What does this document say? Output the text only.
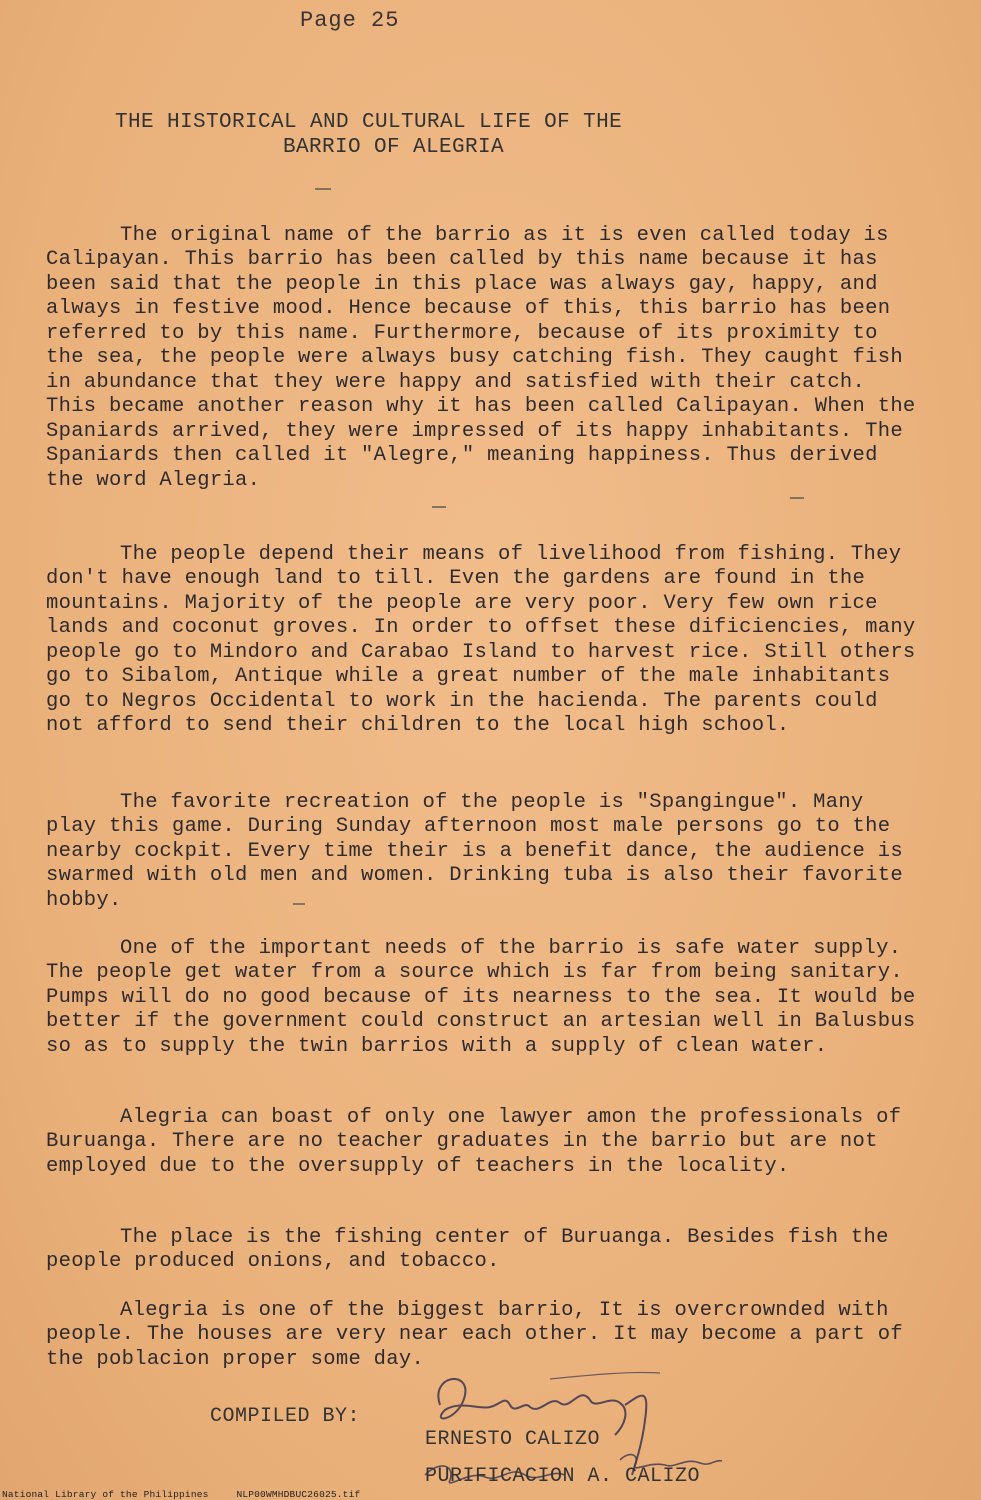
Page 25
THE HISTORICAL AND CULTURAL LIFE OF THE
BARRIO OF ALEGRIA

The original name of the barrio as it is even called today is Calipayan. This barrio has been called by this name because it has been said that the people in this place was always gay, happy, and always in festive mood. Hence because of this, this barrio has been referred to by this name. Furthermore, because of its proximity to the sea, the people were always busy catching fish. They caught fish in abundance that they were happy and satisfied with their catch. This became another reason why it has been called Calipayan. When the Spaniards arrived, they were impressed of its happy inhabitants. The Spaniards then called it "Alegre," meaning happiness. Thus derived the word Alegria.

The people depend their means of livelihood from fishing. They don't have enough land to till. Even the gardens are found in the mountains. Majority of the people are very poor. Very few own rice lands and coconut groves. In order to offset these dificiencies, many people go to Mindoro and Carabao Island to harvest rice. Still others go to Sibalom, Antique while a great number of the male inhabitants go to Negros Occidental to work in the hacienda. The parents could not afford to send their children to the local high school.

The favorite recreation of the people is "Spangingue". Many play this game. During Sunday afternoon most male persons go to the nearby cockpit. Every time their is a benefit dance, the audience is swarmed with old men and women. Drinking tuba is also their favorite hobby.

One of the important needs of the barrio is safe water supply. The people get water from a source which is far from being sanitary. Pumps will do no good because of its nearness to the sea. It would be better if the government could construct an artesian well in Balusbus so as to supply the twin barrios with a supply of clean water.

Alegria can boast of only one lawyer amon the professionals of Buruanga. There are no teacher graduates in the barrio but are not employed due to the oversupply of teachers in the locality.

The place is the fishing center of Buruanga. Besides fish the people produced onions, and tobacco.

Alegria is one of the biggest barrio, It is overcrownded with people. The houses are very near each other. It may become a part of the poblacion proper some day.

COMPILED BY:
ERNESTO CALIZO
PURIFICACION A. CALIZO
National Library of the Philippines	NLP00WMHDBUC26025.tif
